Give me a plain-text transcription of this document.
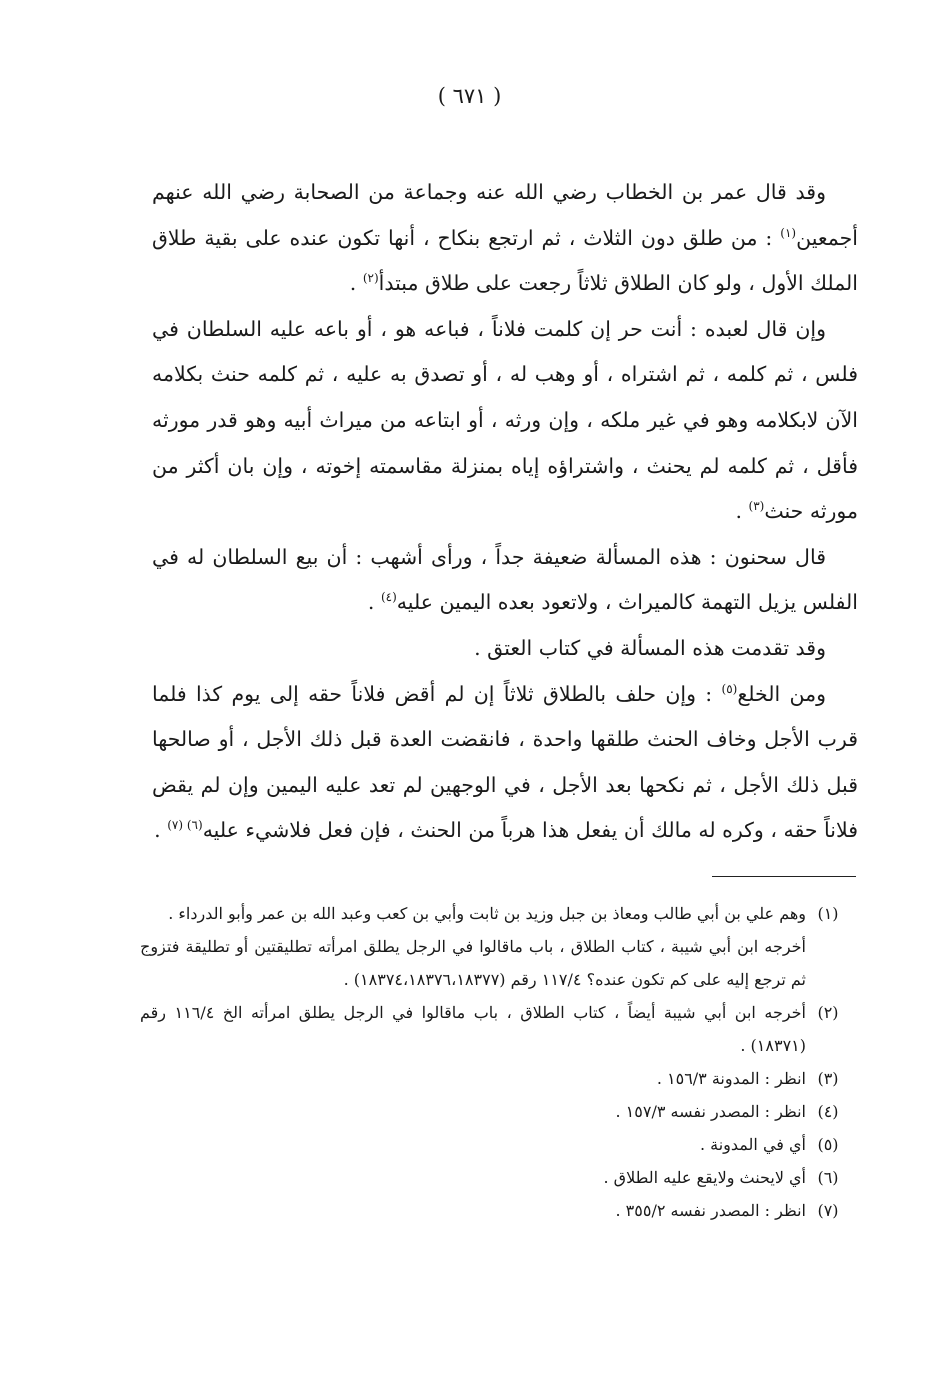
( ٦٧١ )

وقد قال عمر بن الخطاب رضي الله عنه وجماعة من الصحابة رضي الله عنهم أجمعين$^{(١)}$ : من طلق دون الثلاث ، ثم ارتجع بنكاح ، أنها تكون عنده على بقية طلاق الملك الأول ، ولو كان الطلاق ثلاثاً رجعت على طلاق مبتدأ$^{(٢)}$ .

وإن قال لعبده : أنت حر إن كلمت فلاناً ، فباعه هو ، أو باعه عليه السلطان في فلس ، ثم كلمه ، ثم اشتراه ، أو وهب له ، أو تصدق به عليه ، ثم كلمه حنث بكلامه الآن لابكلامه وهو في غير ملكه ، وإن ورثه ، أو ابتاعه من ميراث أبيه وهو قدر مورثه فأقل ، ثم كلمه لم يحنث ، واشتراؤه إياه بمنزلة مقاسمته إخوته ، وإن بان أكثر من مورثه حنث$^{(٣)}$ .

قال سحنون : هذه المسألة ضعيفة جداً ، ورأى أشهب : أن بيع السلطان له في الفلس يزيل التهمة كالميراث ، ولاتعود بعده اليمين عليه$^{(٤)}$ .

وقد تقدمت هذه المسألة في كتاب العتق .

ومن الخلع$^{(٥)}$ : وإن حلف بالطلاق ثلاثاً إن لم أقض فلاناً حقه إلى يوم كذا فلما قرب الأجل وخاف الحنث طلقها واحدة ، فانقضت العدة قبل ذلك الأجل ، أو صالحها قبل ذلك الأجل ، ثم نكحها بعد الأجل ، في الوجهين لم تعد عليه اليمين وإن لم يقض فلاناً حقه ، وكره له مالك أن يفعل هذا هرباً من الحنث ، فإن فعل فلاشيء عليه$^{(٦) (٧)}$ .

(١)
وهم علي بن أبي طالب ومعاذ بن جبل وزيد بن ثابت وأبي بن كعب وعبد الله بن عمر وأبو الدرداء .
أخرجه ابن أبي شيبة ، كتاب الطلاق ، باب ماقالوا في الرجل يطلق امرأته تطليقتين أو تطليقة فتزوج ثم ترجع إليه على كم تكون عنده؟ ١١٧/٤ رقم (١٨٣٧٤،١٨٣٧٦،١٨٣٧٧) .
(٢)
أخرجه ابن أبي شيبة أيضاً ، كتاب الطلاق ، باب ماقالوا في الرجل يطلق امرأته الخ ١١٦/٤ رقم (١٨٣٧١) .
(٣)
انظر : المدونة ١٥٦/٣ .
(٤)
انظر : المصدر نفسه ١٥٧/٣ .
(٥)
أي في المدونة .
(٦)
أي لايحنث ولايقع عليه الطلاق .
(٧)
انظر : المصدر نفسه ٣٥٥/٢ .
